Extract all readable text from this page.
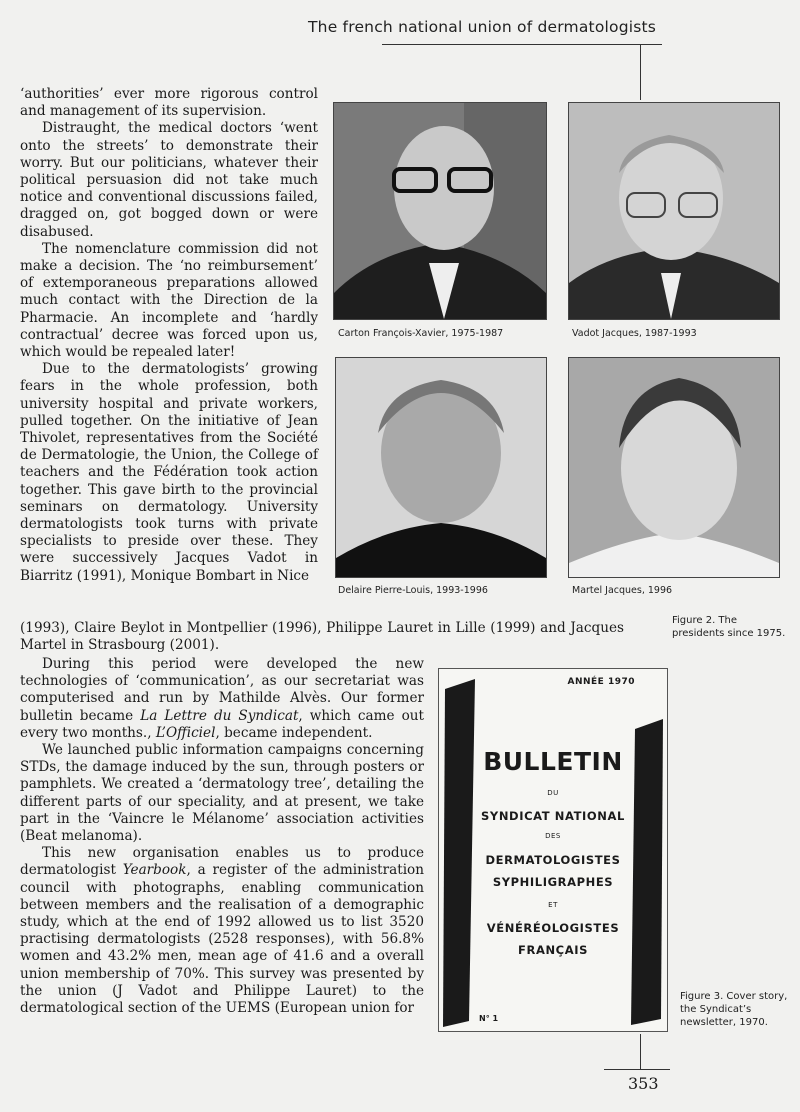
The french national union of dermatologists

‘authorities’ ever more rigorous control and management of its supervision.

Distraught, the medical doctors ‘went onto the streets’ to demonstrate their worry. But our politicians, whatever their political persuasion did not take much notice and conventional discussions failed, dragged on, got bogged down or were disabused.

The nomenclature commission did not make a decision. The ‘no reimbursement’ of extemporaneous preparations allowed much contact with the Direction de la Pharmacie. An incomplete and ‘hardly contractual’ decree was forced upon us, which would be repealed later!

Due to the dermatologists’ growing fears in the whole profession, both university hospital and private workers, pulled together. On the initiative of Jean Thivolet, representatives from the Société de Dermatologie, the Union, the College of teachers and the Fédération took action together. This gave birth to the provincial seminars on dermatology. University dermatologists took turns with private specialists to preside over these. They were successively Jacques Vadot in Biarritz (1991), Monique Bombart in Nice

(1993), Claire Beylot in Montpellier (1996), Philippe Lauret in Lille (1999) and Jacques Martel in Strasbourg (2001).

During this period were developed the new technologies of ‘communication’, as our secretariat was computerised and run by Mathilde Alvès. Our former bulletin became La Lettre du Syndicat, which came out every two months., L’Officiel, became independent.

We launched public information campaigns concerning STDs, the damage induced by the sun, through posters or pamphlets. We created a ‘dermatology tree’, detailing the different parts of our speciality, and at present, we take part in the ‘Vaincre le Mélanome’ association activities (Beat melanoma).

This new organisation enables us to produce dermatologist Yearbook, a register of the administration council with photographs, enabling communication between members and the realisation of a demographic study, which at the end of 1992 allowed us to list 3520 practising dermatologists (2528 responses), with 56.8% women and 43.2% men, mean age of 41.6 and a overall union membership of 70%. This survey was presented by the union (J Vadot and Philippe Lauret) to the dermatological section of the UEMS (European union for

Carton François-Xavier, 1975-1987	Vadot Jacques, 1987-1993
Delaire Pierre-Louis, 1993-1996	Martel Jacques, 1996
Figure 2. The
presidents since 1975.
ANNÉE 1970
BULLETIN
DU
SYNDICAT NATIONAL
DES
DERMATOLOGISTES
SYPHILIGRAPHES
ET
VÉNÉRÉOLOGISTES
FRANÇAIS
N° 1
Figure 3. Cover story,
the Syndicat’s
newsletter, 1970.
353
